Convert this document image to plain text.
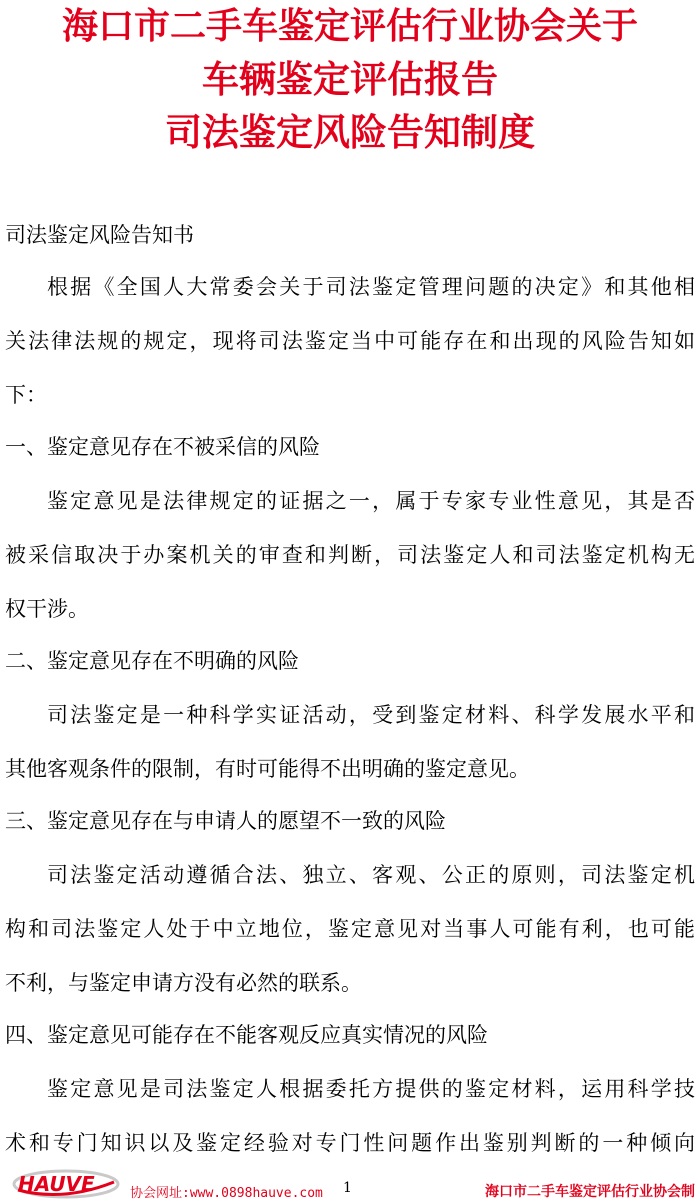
海口市二手车鉴定评估行业协会关于
车辆鉴定评估报告
司法鉴定风险告知制度
司法鉴定风险告知书
根据《全国人大常委会关于司法鉴定管理问题的决定》和其他相
关法律法规的规定，现将司法鉴定当中可能存在和出现的风险告知如
下：
一、鉴定意见存在不被采信的风险
鉴定意见是法律规定的证据之一，属于专家专业性意见，其是否
被采信取决于办案机关的审查和判断，司法鉴定人和司法鉴定机构无
权干涉。
二、鉴定意见存在不明确的风险
司法鉴定是一种科学实证活动，受到鉴定材料、科学发展水平和
其他客观条件的限制，有时可能得不出明确的鉴定意见。
三、鉴定意见存在与申请人的愿望不一致的风险
司法鉴定活动遵循合法、独立、客观、公正的原则，司法鉴定机
构和司法鉴定人处于中立地位，鉴定意见对当事人可能有利，也可能
不利，与鉴定申请方没有必然的联系。
四、鉴定意见可能存在不能客观反应真实情况的风险
鉴定意见是司法鉴定人根据委托方提供的鉴定材料，运用科学技
术和专门知识以及鉴定经验对专门性问题作出鉴别判断的一种倾向
HAUVE	协会网址:www.0898hauve.com 1	海口市二手车鉴定评估行业协会制
